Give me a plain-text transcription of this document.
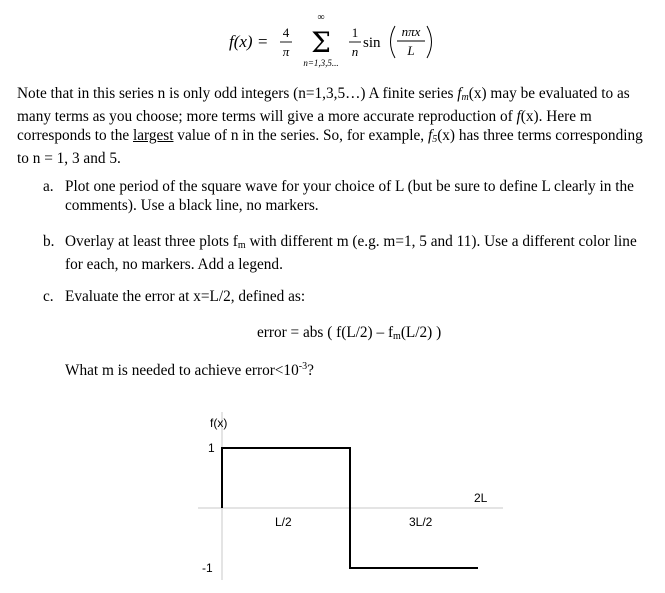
f(x) = 4
π
∞
Σ
n=1,3,5...
1
n
sin
nπx
L
Note that in this series n is only odd integers (n=1,3,5…) A finite series $f_m(x)$ may be evaluated to as many terms as you choose; more terms will give a more accurate reproduction of f(x). Here m corresponds to the largest value of n in the series. So, for example, $f_5(x)$ has three terms corresponding to n = 1, 3 and 5.
a. Plot one period of the square wave for your choice of L (but be sure to define L clearly in the comments). Use a black line, no markers.
b. Overlay at least three plots $f_m$ with different m (e.g. m=1, 5 and 11). Use a different color line for each, no markers. Add a legend.
c. Evaluate the error at x=L/2, defined as:
error = abs ( $f(L/2) - f_m(L/2)$ )
What m is needed to achieve $error<10^{-3}$?
f(x)
1
-1
L/2	3L/2
2L
